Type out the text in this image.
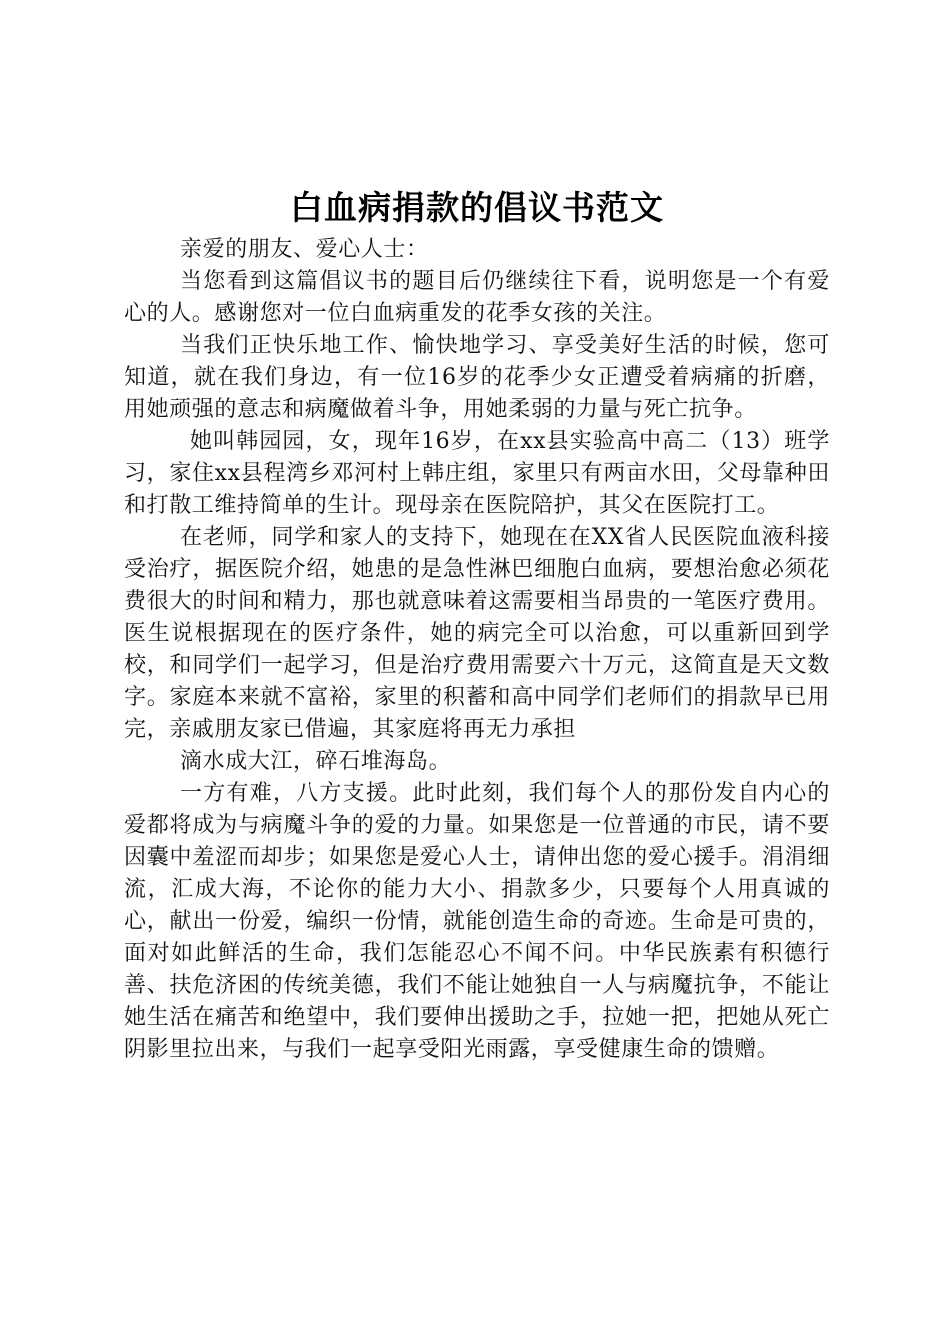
白血病捐款的倡议书范文

亲爱的朋友、爱心人士：

当您看到这篇倡议书的题目后仍继续往下看，说明您是一个有爱心的人。感谢您对一位白血病重发的花季女孩的关注。

当我们正快乐地工作、愉快地学习、享受美好生活的时候，您可知道，就在我们身边，有一位16岁的花季少女正遭受着病痛的折磨，用她顽强的意志和病魔做着斗争，用她柔弱的力量与死亡抗争。

她叫韩园园，女，现年16岁，在xx县实验高中高二（13）班学习，家住xx县程湾乡邓河村上韩庄组，家里只有两亩水田，父母靠种田和打散工维持简单的生计。现母亲在医院陪护，其父在医院打工。

在老师，同学和家人的支持下，她现在在XX省人民医院血液科接受治疗，据医院介绍，她患的是急性淋巴细胞白血病，要想治愈必须花费很大的时间和精力，那也就意味着这需要相当昂贵的一笔医疗费用。医生说根据现在的医疗条件，她的病完全可以治愈，可以重新回到学校，和同学们一起学习，但是治疗费用需要六十万元，这简直是天文数字。家庭本来就不富裕，家里的积蓄和高中同学们老师们的捐款早已用完，亲戚朋友家已借遍，其家庭将再无力承担

滴水成大江，碎石堆海岛。

一方有难，八方支援。此时此刻，我们每个人的那份发自内心的爱都将成为与病魔斗争的爱的力量。如果您是一位普通的市民，请不要因囊中羞涩而却步；如果您是爱心人士，请伸出您的爱心援手。涓涓细流，汇成大海，不论你的能力大小、捐款多少，只要每个人用真诚的心，献出一份爱，编织一份情，就能创造生命的奇迹。生命是可贵的，面对如此鲜活的生命，我们怎能忍心不闻不问。中华民族素有积德行善、扶危济困的传统美德，我们不能让她独自一人与病魔抗争，不能让她生活在痛苦和绝望中，我们要伸出援助之手，拉她一把，把她从死亡阴影里拉出来，与我们一起享受阳光雨露，享受健康生命的馈赠。
